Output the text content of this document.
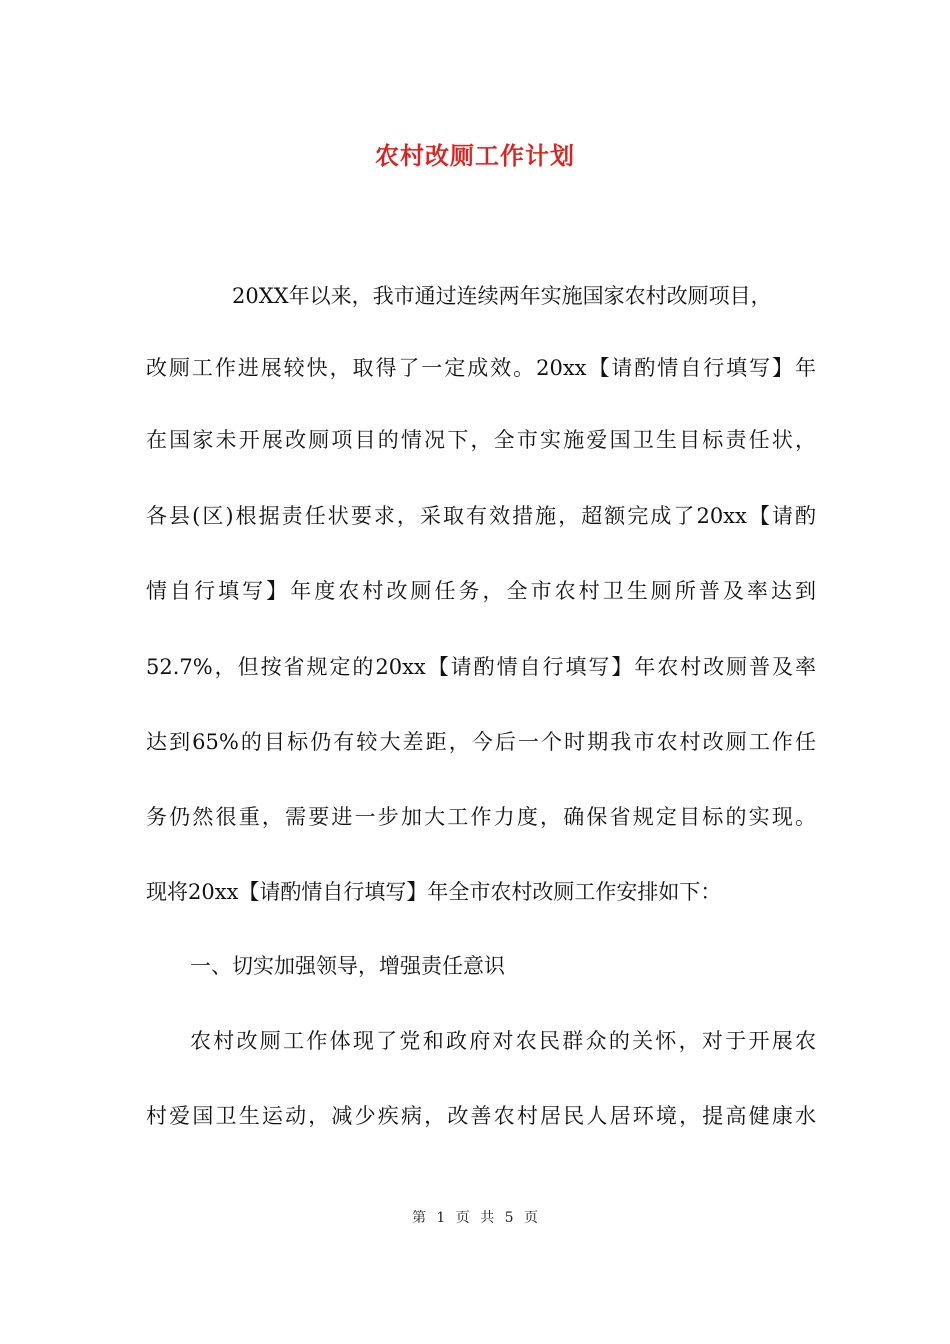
农村改厕工作计划
20XX年以来，我市通过连续两年实施国家农村改厕项目，
改厕工作进展较快，取得了一定成效。20xx【请酌情自行填写】年
在国家未开展改厕项目的情况下，全市实施爱国卫生目标责任状，
各县(区)根据责任状要求，采取有效措施，超额完成了20xx【请酌
情自行填写】年度农村改厕任务，全市农村卫生厕所普及率达到
52.7%，但按省规定的20xx【请酌情自行填写】年农村改厕普及率
达到65%的目标仍有较大差距，今后一个时期我市农村改厕工作任
务仍然很重，需要进一步加大工作力度，确保省规定目标的实现。
现将20xx【请酌情自行填写】年全市农村改厕工作安排如下：
一、切实加强领导，增强责任意识
农村改厕工作体现了党和政府对农民群众的关怀，对于开展农
村爱国卫生运动，减少疾病，改善农村居民人居环境，提高健康水
第 1 页 共 5 页
